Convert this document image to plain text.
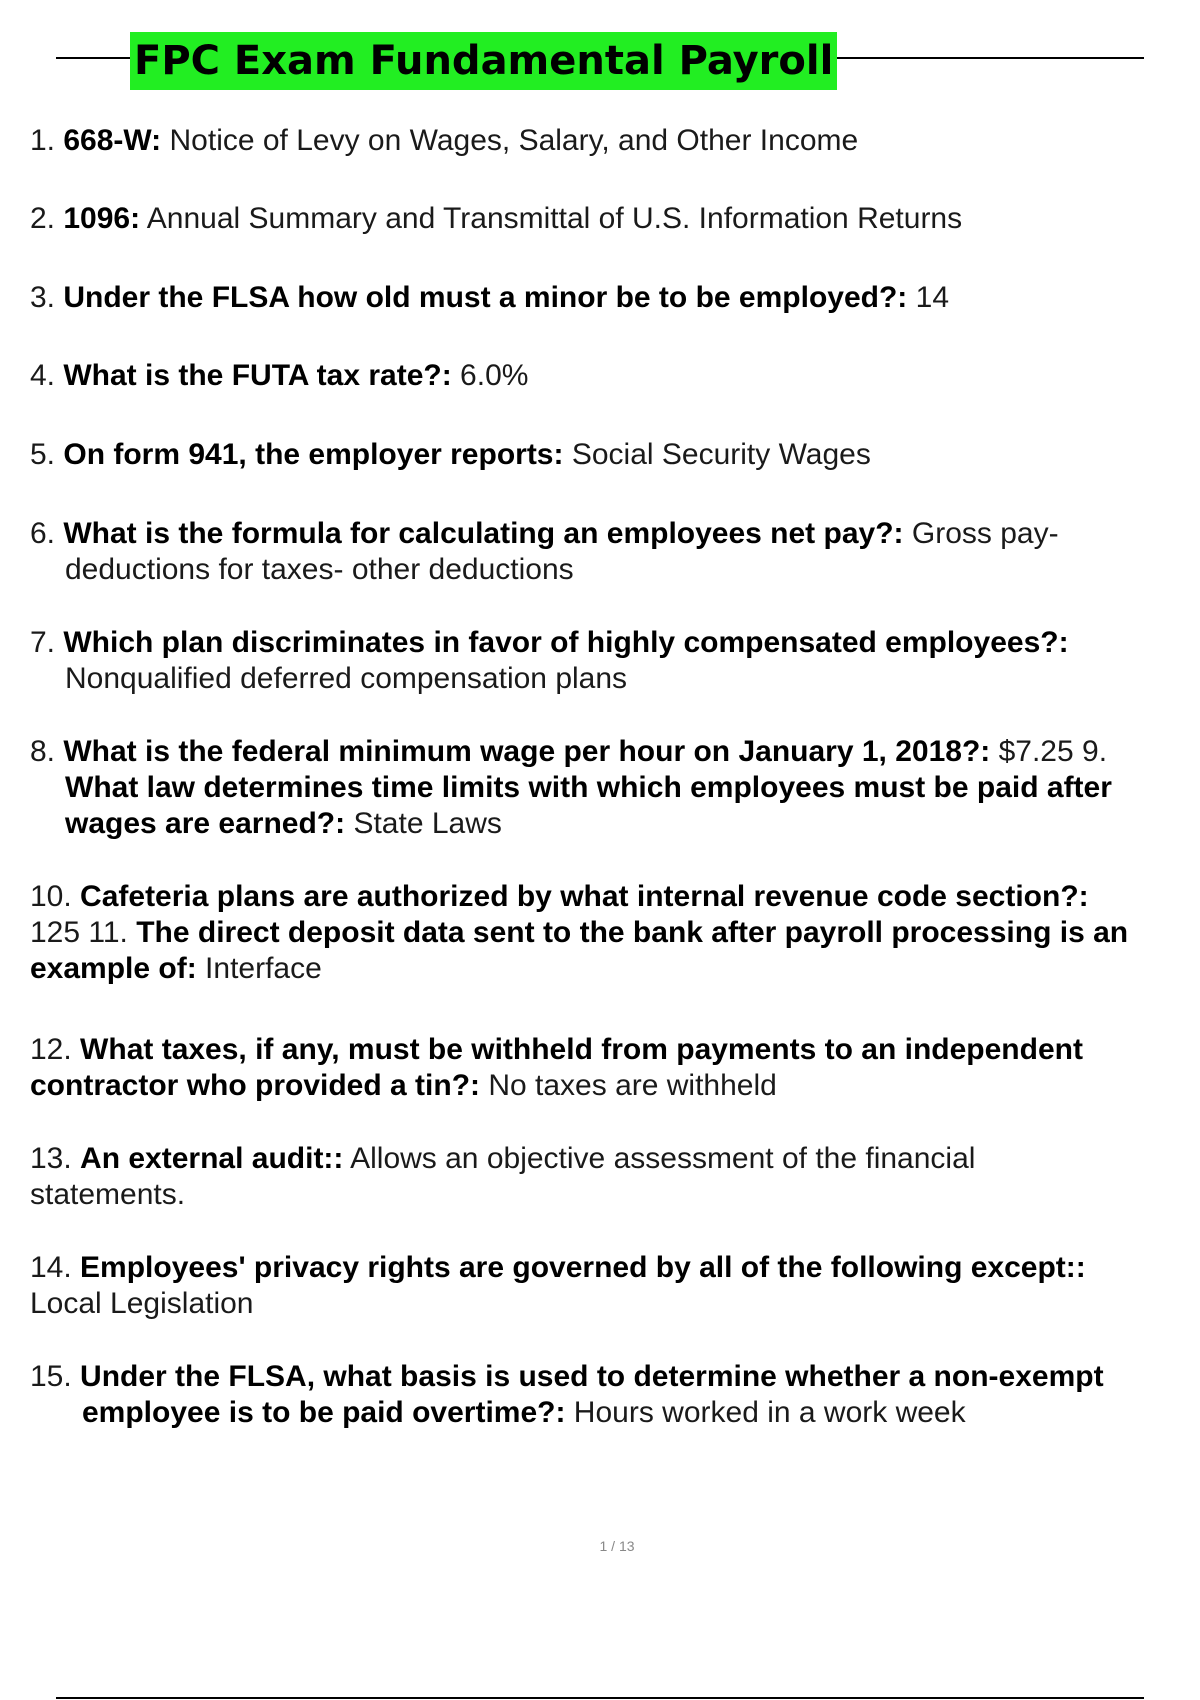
FPC Exam Fundamental Payroll
1. 668-W: Notice of Levy on Wages, Salary, and Other Income
2. 1096: Annual Summary and Transmittal of U.S. Information Returns
3. Under the FLSA how old must a minor be to be employed?: 14
4. What is the FUTA tax rate?: 6.0%
5. On form 941, the employer reports: Social Security Wages
6. What is the formula for calculating an employees net pay?: Gross pay-
deductions for taxes- other deductions
7. Which plan discriminates in favor of highly compensated employees?:
Nonqualified deferred compensation plans
8. What is the federal minimum wage per hour on January 1, 2018?: $7.25 9.
What law determines time limits with which employees must be paid after
wages are earned?: State Laws
10. Cafeteria plans are authorized by what internal revenue code section?:
125 11. The direct deposit data sent to the bank after payroll processing is an
example of: Interface
12. What taxes, if any, must be withheld from payments to an independent
contractor who provided a tin?: No taxes are withheld
13. An external audit:: Allows an objective assessment of the financial
statements.
14. Employees' privacy rights are governed by all of the following except::
Local Legislation
15. Under the FLSA, what basis is used to determine whether a non-exempt
employee is to be paid overtime?: Hours worked in a work week
1 / 13
